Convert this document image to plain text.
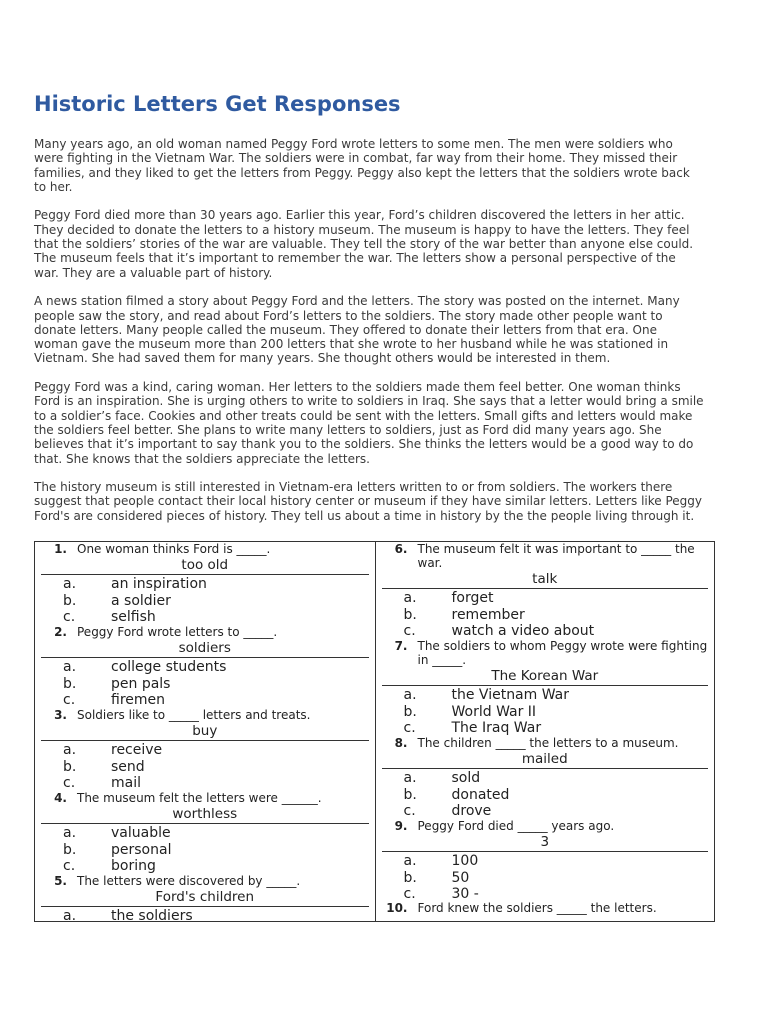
Historic Letters Get Responses

Many years ago, an old woman named Peggy Ford wrote letters to some men. The men were soldiers who were fighting in the Vietnam War. The soldiers were in combat, far way from their home. They missed their families, and they liked to get the letters from Peggy. Peggy also kept the letters that the soldiers wrote back to her.

Peggy Ford died more than 30 years ago. Earlier this year, Ford’s children discovered the letters in her attic. They decided to donate the letters to a history museum. The museum is happy to have the letters. They feel that the soldiers’ stories of the war are valuable. They tell the story of the war better than anyone else could. The museum feels that it’s important to remember the war. The letters show a personal perspective of the war. They are a valuable part of history.

A news station filmed a story about Peggy Ford and the letters. The story was posted on the internet. Many people saw the story, and read about Ford’s letters to the soldiers. The story made other people want to donate letters. Many people called the museum. They offered to donate their letters from that era. One woman gave the museum more than 200 letters that she wrote to her husband while he was stationed in Vietnam. She had saved them for many years. She thought others would be interested in them.

Peggy Ford was a kind, caring woman. Her letters to the soldiers made them feel better. One woman thinks Ford is an inspiration. She is urging others to write to soldiers in Iraq. She says that a letter would bring a smile to a soldier’s face. Cookies and other treats could be sent with the letters. Small gifts and letters would make the soldiers feel better. She plans to write many letters to soldiers, just as Ford did many years ago. She believes that it’s important to say thank you to the soldiers. She thinks the letters would be a good way to do that. She knows that the soldiers appreciate the letters.

The history museum is still interested in Vietnam-era letters written to or from soldiers. The workers there suggest that people contact their local history center or museum if they have similar letters. Letters like Peggy Ford's are considered pieces of history. They tell us about a time in history by the the people living through it.

1. One woman thinks Ford is _____.
too old
a.	an inspiration
b.	a soldier
c.	selfish
2. Peggy Ford wrote letters to _____.
soldiers
a.	college students
b.	pen pals
c.	firemen
3. Soldiers like to _____ letters and treats.
buy
a.	receive
b.	send
c.	mail
4. The museum felt the letters were ______.
worthless
a.	valuable
b.	personal
c.	boring
5. The letters were discovered by _____.
Ford's children
a.	the soldiers
6. The museum felt it was important to _____ the war.
talk
a.	forget
b.	remember
c.	watch a video about
7. The soldiers to whom Peggy wrote were fighting in _____.
The Korean War
a.	the Vietnam War
b.	World War II
c.	The Iraq War
8. The children _____ the letters to a museum.
mailed
a.	sold
b.	donated
c.	drove
9. Peggy Ford died _____ years ago.
3
a.	100
b.	50
c.	30 -
10. Ford knew the soldiers _____ the letters.
